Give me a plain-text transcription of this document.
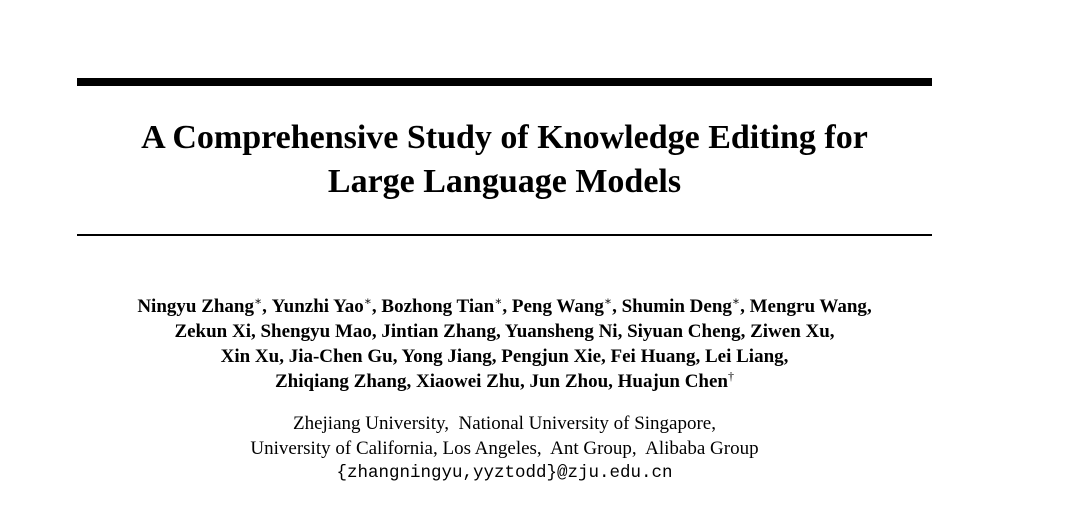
A Comprehensive Study of Knowledge Editing for
Large Language Models
Ningyu Zhang∗, Yunzhi Yao∗, Bozhong Tian∗, Peng Wang∗, Shumin Deng∗, Mengru Wang,
Zekun Xi, Shengyu Mao, Jintian Zhang, Yuansheng Ni, Siyuan Cheng, Ziwen Xu,
Xin Xu, Jia-Chen Gu, Yong Jiang, Pengjun Xie, Fei Huang, Lei Liang,
Zhiqiang Zhang, Xiaowei Zhu, Jun Zhou, Huajun Chen†
Zhejiang University,  National University of Singapore,
University of California, Los Angeles,  Ant Group,  Alibaba Group
{zhangningyu,yyztodd}@zju.edu.cn
